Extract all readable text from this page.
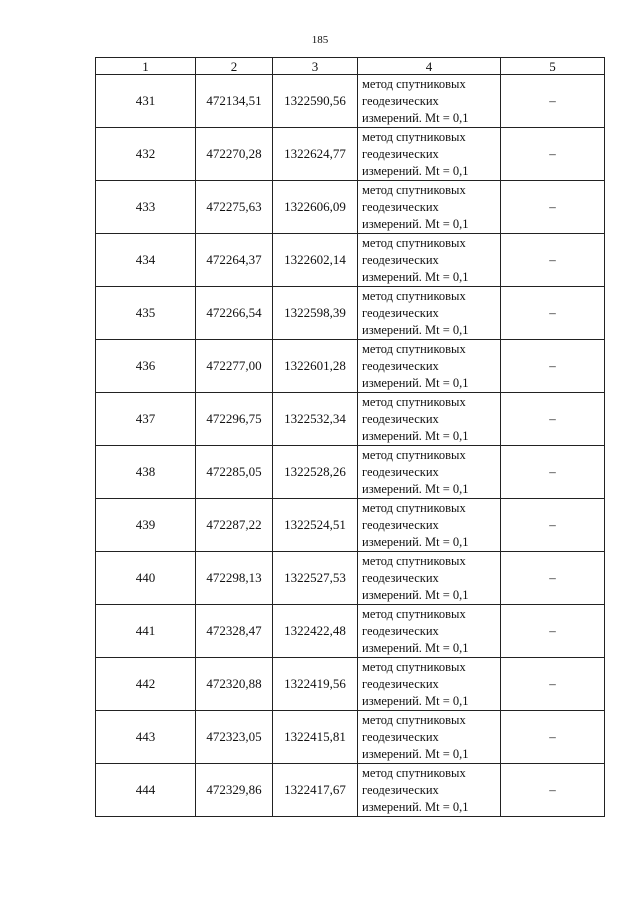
185
1	2	3	4	5
431	472134,51	1322590,56	метод спутниковых
геодезических
измерений. Mt = 0,1	–
432	472270,28	1322624,77	метод спутниковых
геодезических
измерений. Mt = 0,1	–
433	472275,63	1322606,09	метод спутниковых
геодезических
измерений. Mt = 0,1	–
434	472264,37	1322602,14	метод спутниковых
геодезических
измерений. Mt = 0,1	–
435	472266,54	1322598,39	метод спутниковых
геодезических
измерений. Mt = 0,1	–
436	472277,00	1322601,28	метод спутниковых
геодезических
измерений. Mt = 0,1	–
437	472296,75	1322532,34	метод спутниковых
геодезических
измерений. Mt = 0,1	–
438	472285,05	1322528,26	метод спутниковых
геодезических
измерений. Mt = 0,1	–
439	472287,22	1322524,51	метод спутниковых
геодезических
измерений. Mt = 0,1	–
440	472298,13	1322527,53	метод спутниковых
геодезических
измерений. Mt = 0,1	–
441	472328,47	1322422,48	метод спутниковых
геодезических
измерений. Mt = 0,1	–
442	472320,88	1322419,56	метод спутниковых
геодезических
измерений. Mt = 0,1	–
443	472323,05	1322415,81	метод спутниковых
геодезических
измерений. Mt = 0,1	–
444	472329,86	1322417,67	метод спутниковых
геодезических
измерений. Mt = 0,1	–
